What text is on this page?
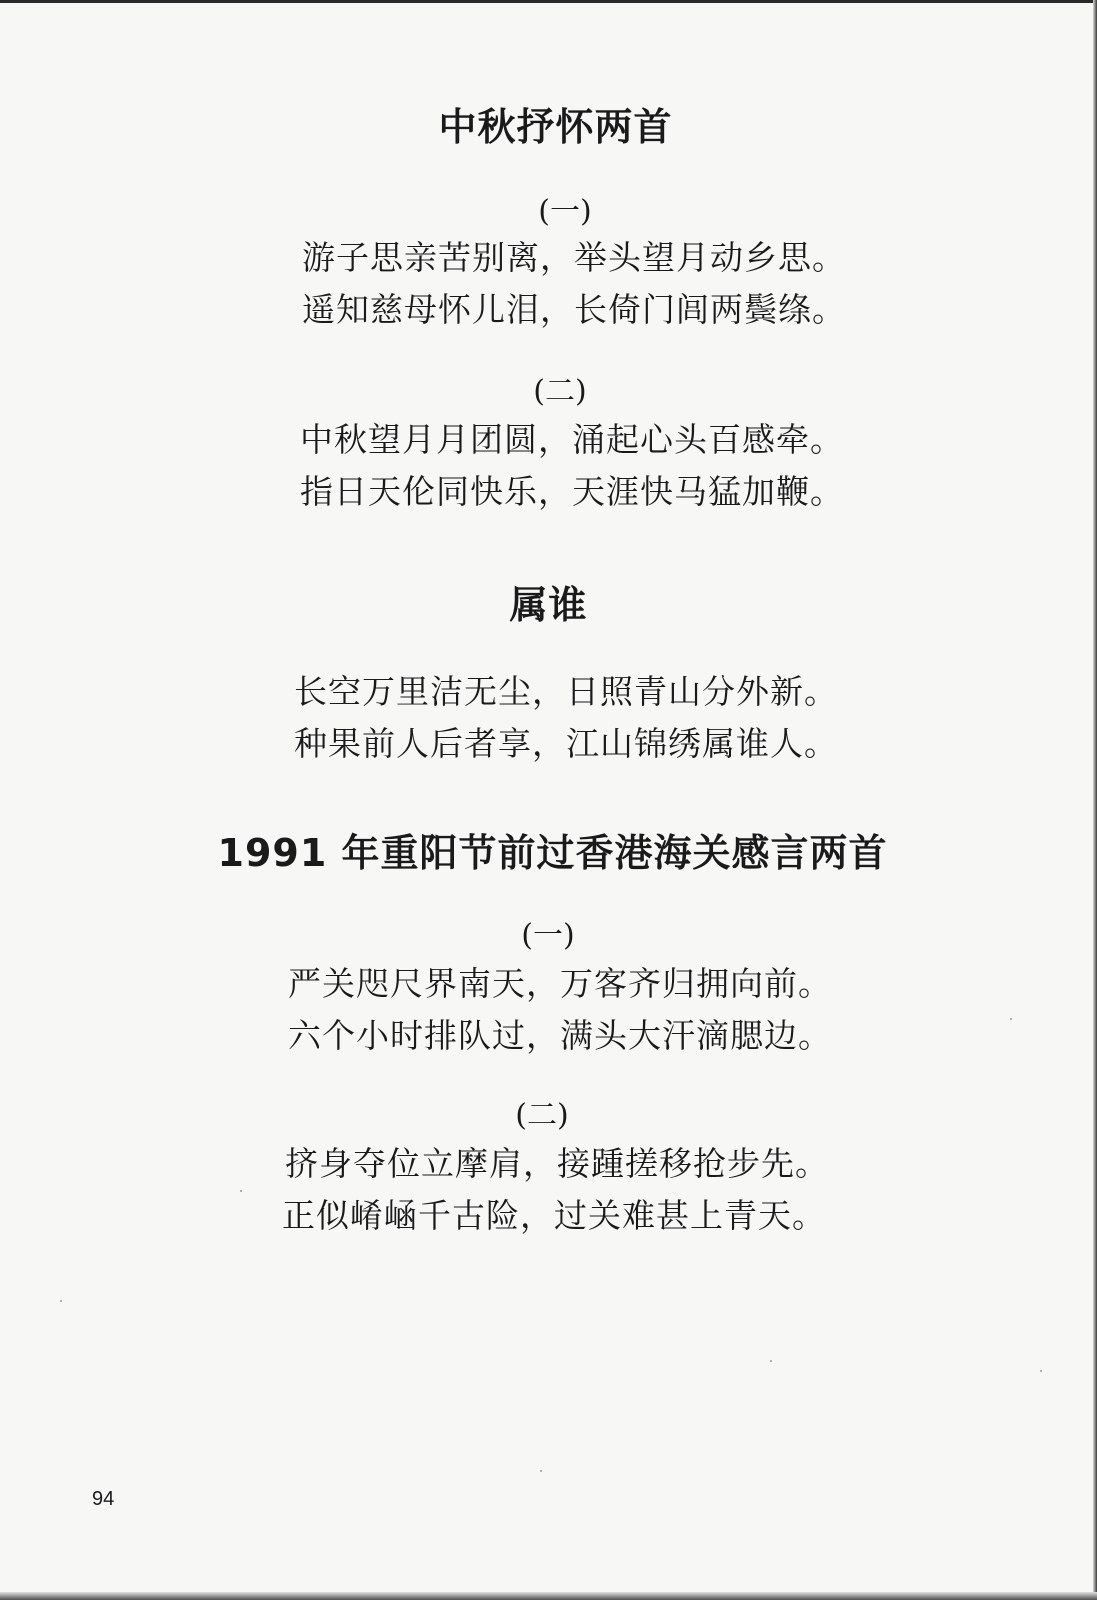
中秋抒怀两首
(一)
游子思亲苦别离，举头望月动乡思。
遥知慈母怀儿泪，长倚门闾两鬓绦。
(二)
中秋望月月团圆，涌起心头百感牵。
指日天伦同快乐，天涯快马猛加鞭。
属谁
长空万里洁无尘，日照青山分外新。
种果前人后者享，江山锦绣属谁人。
1991 年重阳节前过香港海关感言两首
(一)
严关咫尺界南天，万客齐归拥向前。
六个小时排队过，满头大汗滴腮边。
(二)
挤身夺位立摩肩，接踵搓移抢步先。
正似崤崡千古险，过关难甚上青天。
94
